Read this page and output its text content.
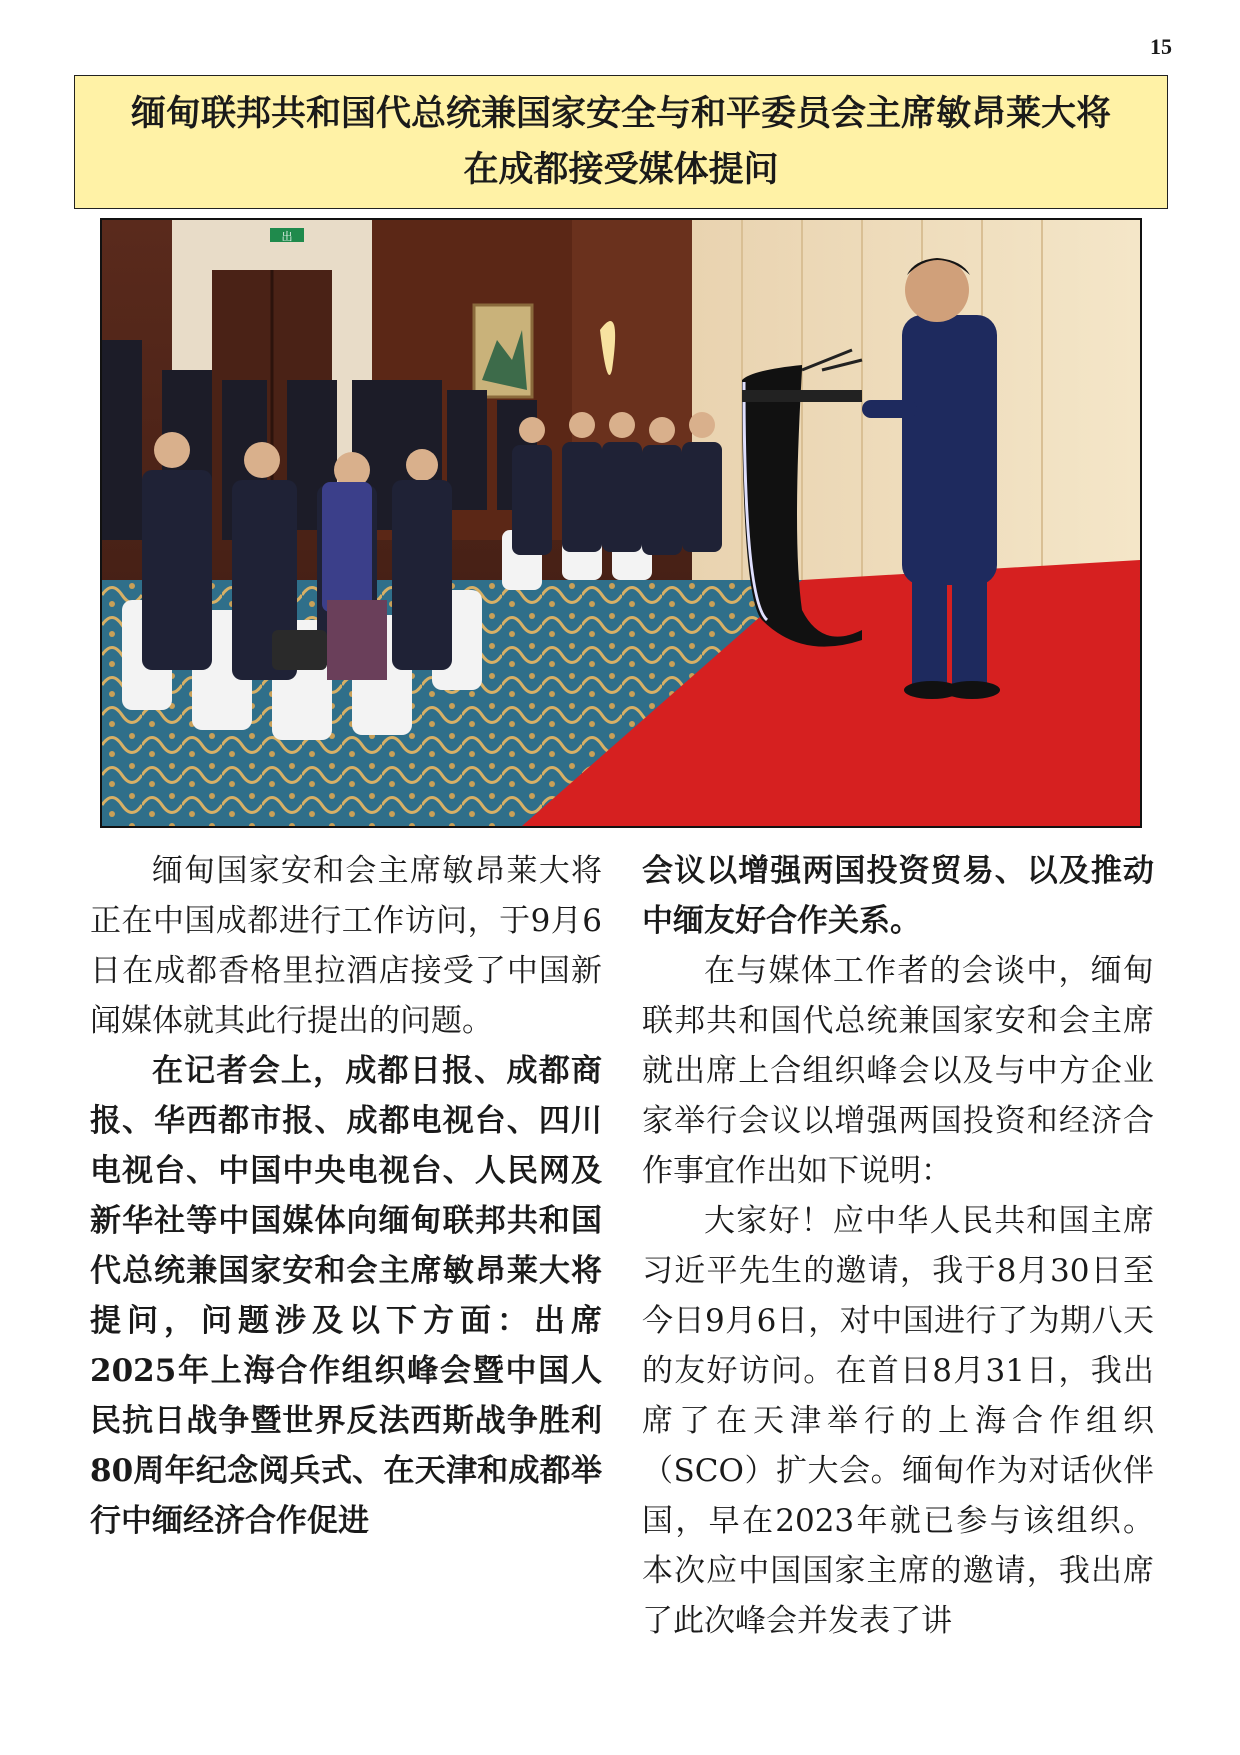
15
缅甸联邦共和国代总统兼国家安全与和平委员会主席敏昂莱大将
在成都接受媒体提问
出

缅甸国家安和会主席敏昂莱大将正在中国成都进行工作访问，于9月6日在成都香格里拉酒店接受了中国新闻媒体就其此行提出的问题。

在记者会上，成都日报、成都商报、华西都市报、成都电视台、四川电视台、中国中央电视台、人民网及新华社等中国媒体向缅甸联邦共和国代总统兼国家安和会主席敏昂莱大将提问，问题涉及以下方面：出席2025年上海合作组织峰会暨中国人民抗日战争暨世界反法西斯战争胜利80周年纪念阅兵式、在天津和成都举行中缅经济合作促进

会议以增强两国投资贸易、以及推动中缅友好合作关系。

在与媒体工作者的会谈中，缅甸联邦共和国代总统兼国家安和会主席就出席上合组织峰会以及与中方企业家举行会议以增强两国投资和经济合作事宜作出如下说明：

大家好！应中华人民共和国主席习近平先生的邀请，我于8月30日至今日9月6日，对中国进行了为期八天的友好访问。在首日8月31日，我出席了在天津举行的上海合作组织（SCO）扩大会。缅甸作为对话伙伴国，早在2023年就已参与该组织。本次应中国国家主席的邀请，我出席了此次峰会并发表了讲
